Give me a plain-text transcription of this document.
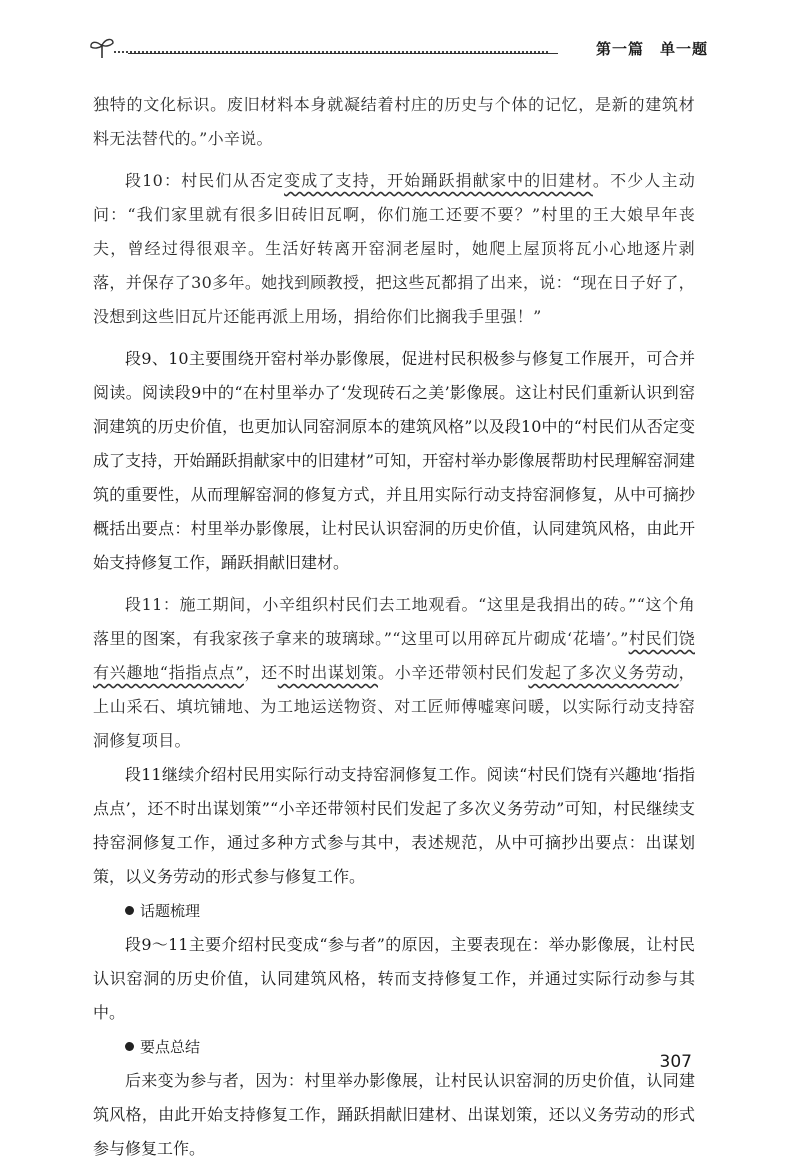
第一篇　单一题

独特的文化标识。废旧材料本身就凝结着村庄的历史与个体的记忆，是新的建筑材料无法替代的。”小辛说。

段10：村民们从否定变成了支持，开始踊跃捐献家中的旧建材。不少人主动问：“我们家里就有很多旧砖旧瓦啊，你们施工还要不要？”村里的王大娘早年丧夫，曾经过得很艰辛。生活好转离开窑洞老屋时，她爬上屋顶将瓦小心地逐片剥落，并保存了30多年。她找到顾教授，把这些瓦都捐了出来，说：“现在日子好了，没想到这些旧瓦片还能再派上用场，捐给你们比搁我手里强！”

段9、10主要围绕开窑村举办影像展，促进村民积极参与修复工作展开，可合并阅读。阅读段9中的“在村里举办了‘发现砖石之美’影像展。这让村民们重新认识到窑洞建筑的历史价值，也更加认同窑洞原本的建筑风格”以及段10中的“村民们从否定变成了支持，开始踊跃捐献家中的旧建材”可知，开窑村举办影像展帮助村民理解窑洞建筑的重要性，从而理解窑洞的修复方式，并且用实际行动支持窑洞修复，从中可摘抄概括出要点：村里举办影像展，让村民认识窑洞的历史价值，认同建筑风格，由此开始支持修复工作，踊跃捐献旧建材。

段11：施工期间，小辛组织村民们去工地观看。“这里是我捐出的砖。”“这个角落里的图案，有我家孩子拿来的玻璃球。”“这里可以用碎瓦片砌成‘花墙’。”村民们饶有兴趣地“指指点点”，还不时出谋划策。小辛还带领村民们发起了多次义务劳动，上山采石、填坑铺地、为工地运送物资、对工匠师傅嘘寒问暖，以实际行动支持窑洞修复项目。

段11继续介绍村民用实际行动支持窑洞修复工作。阅读“村民们饶有兴趣地‘指指点点’，还不时出谋划策”“小辛还带领村民们发起了多次义务劳动”可知，村民继续支持窑洞修复工作，通过多种方式参与其中，表述规范，从中可摘抄出要点：出谋划策，以义务劳动的形式参与修复工作。

话题梳理

段9～11主要介绍村民变成“参与者”的原因，主要表现在：举办影像展，让村民认识窑洞的历史价值，认同建筑风格，转而支持修复工作，并通过实际行动参与其中。

要点总结

后来变为参与者，因为：村里举办影像展，让村民认识窑洞的历史价值，认同建筑风格，由此开始支持修复工作，踊跃捐献旧建材、出谋划策，还以义务劳动的形式参与修复工作。

307
